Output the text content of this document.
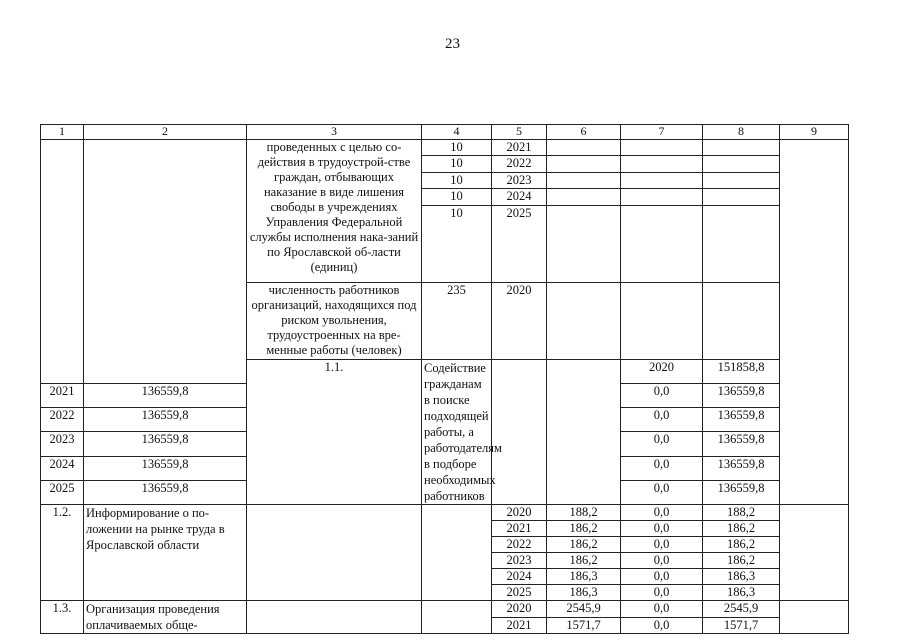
23
1	2	3	4	5	6	7	8	9	
		проведенных с целью со-действия в трудоустрой-стве граждан, отбывающих наказание в виде лишения свободы в учреждениях Управления Федеральной службы исполнения нака-заний по Ярославской об-ласти (единиц)	10	2021					
			10	2022					
			10	2023					
			10	2024					
			10	2025					
		численность работников организаций, находящихся под риском увольнения, трудоустроенных на вре-менные работы (человек)	235	2020					
		1.1.	Содействие гражданам в поиске подходящей работы, а работодателям в подборе необходимых работников			2020	151858,8			
2021	136559,8					0,0	136559,8		
2022	136559,8					0,0	136559,8		
2023	136559,8					0,0	136559,8		
2024	136559,8					0,0	136559,8		
2025	136559,8					0,0	136559,8		
1.2.	Информирование о по-ложении на рынке труда в Ярославской области			2020	188,2	0,0	188,2		
				2021	186,2	0,0	186,2		
				2022	186,2	0,0	186,2		
				2023	186,2	0,0	186,2		
				2024	186,3	0,0	186,3		
				2025	186,3	0,0	186,3		
1.3.	Организация проведения оплачиваемых обще-			2020	2545,9	0,0	2545,9		
				2021	1571,7	0,0	1571,7		
